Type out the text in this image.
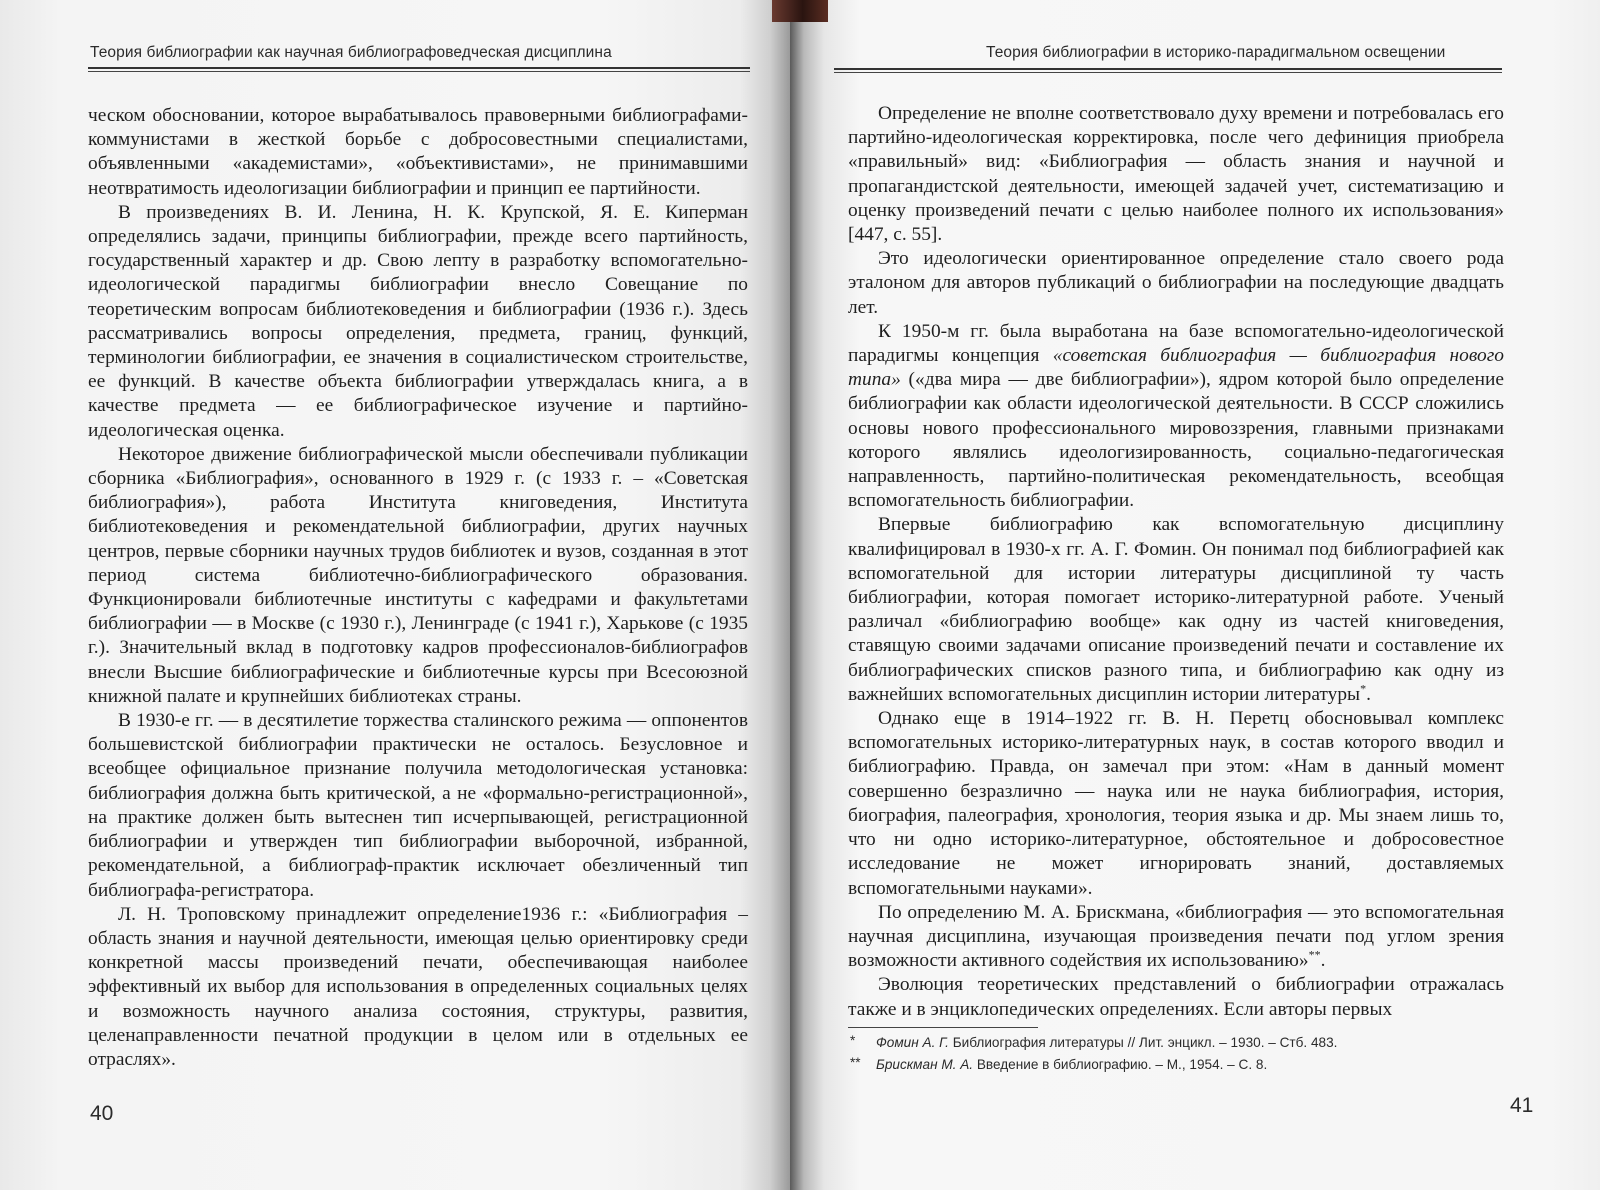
Теория библиографии как научная библиографоведческая дисциплина

ческом обосновании, которое вырабатывалось правоверными библиографами-коммунистами в жесткой борьбе с добросовестными специалистами, объявленными «академистами», «объективистами», не принимавшими неотвратимость идеологизации библиографии и принцип ее партийности.

В произведениях В. И. Ленина, Н. К. Крупской, Я. Е. Киперман определялись задачи, принципы библиографии, прежде всего партийность, государственный характер и др. Свою лепту в разработку вспомогательно-идеологической парадигмы библиографии внесло Совещание по теоретическим вопросам библиотековедения и библиографии (1936 г.). Здесь рассматривались вопросы определения, предмета, границ, функций, терминологии библиографии, ее значения в социалистическом строительстве, ее функций. В качестве объекта библиографии утверждалась книга, а в качестве предмета — ее библиографическое изучение и партийно-идеологическая оценка.

Некоторое движение библиографической мысли обеспечивали публикации сборника «Библиография», основанного в 1929 г. (с 1933 г. – «Советская библиография»), работа Института книговедения, Института библиотековедения и рекомендательной библиографии, других научных центров, первые сборники научных трудов библиотек и вузов, созданная в этот период система библиотечно-библиографического образования. Функционировали библиотечные институты с кафедрами и факультетами библиографии — в Москве (с 1930 г.), Ленинграде (с 1941 г.), Харькове (с 1935 г.). Значительный вклад в подготовку кадров профессионалов-библиографов внесли Высшие библиографические и библиотечные курсы при Всесоюзной книжной палате и крупнейших библиотеках страны.

В 1930-е гг. — в десятилетие торжества сталинского режима — оппонентов большевистской библиографии практически не осталось. Безусловное и всеобщее официальное признание получила методологическая установка: библиография должна быть критической, а не «формально-регистрационной», на практике должен быть вытеснен тип исчерпывающей, регистрационной библиографии и утвержден тип библиографии выборочной, избранной, рекомендательной, а библиограф-практик исключает обезличенный тип библиографа-регистратора.

Л. Н. Троповскому принадлежит определение1936 г.: «Библиография – область знания и научной деятельности, имеющая целью ориентировку среди конкретной массы произведений печати, обеспечивающая наиболее эффективный их выбор для использования в определенных социальных целях и возможность научного анализа состояния, структуры, развития, целенаправленности печатной продукции в целом или в отдельных ее отраслях».

40
Теория библиографии в историко-парадигмальном освещении

Определение не вполне соответствовало духу времени и потребовалась его партийно-идеологическая корректировка, после чего дефиниция приобрела «правильный» вид: «Библиография — область знания и научной и пропагандистской деятельности, имеющей задачей учет, систематизацию и оценку произведений печати с целью наиболее полного их использования» [447, с. 55].

Это идеологически ориентированное определение стало своего рода эталоном для авторов публикаций о библиографии на последующие двадцать лет.

К 1950-м гг. была выработана на базе вспомогательно-идеологической парадигмы концепция «советская библиография — библиография нового типа» («два мира — две библиографии»), ядром которой было определение библиографии как области идеологической деятельности. В СССР сложились основы нового профессионального мировоззрения, главными признаками которого являлись идеологизированность, социально-педагогическая направленность, партийно-политическая рекомендательность, всеобщая вспомогательность библиографии.

Впервые библиографию как вспомогательную дисциплину квалифицировал в 1930-х гг. А. Г. Фомин. Он понимал под библиографией как вспомогательной для истории литературы дисциплиной ту часть библиографии, которая помогает историко-литературной работе. Ученый различал «библиографию вообще» как одну из частей книговедения, ставящую своими задачами описание произведений печати и составление их библиографических списков разного типа, и библиографию как одну из важнейших вспомогательных дисциплин истории литературы*.

Однако еще в 1914–1922 гг. В. Н. Перетц обосновывал комплекс вспомогательных историко-литературных наук, в состав которого вводил и библиографию. Правда, он замечал при этом: «Нам в данный момент совершенно безразлично — наука или не наука библиография, история, биография, палеография, хронология, теория языка и др. Мы знаем лишь то, что ни одно историко-литературное, обстоятельное и добросовестное исследование не может игнорировать знаний, доставляемых вспомогательными науками».

По определению М. А. Брискмана, «библиография — это вспомогательная научная дисциплина, изучающая произведения печати под углом зрения возможности активного содействия их использованию»**.

Эволюция теоретических представлений о библиографии отражалась также и в энциклопедических определениях. Если авторы первых

* Фомин А. Г. Библиография литературы // Лит. энцикл. – 1930. – Стб. 483.
** Брискман М. А. Введение в библиографию. – М., 1954. – С. 8.
41
